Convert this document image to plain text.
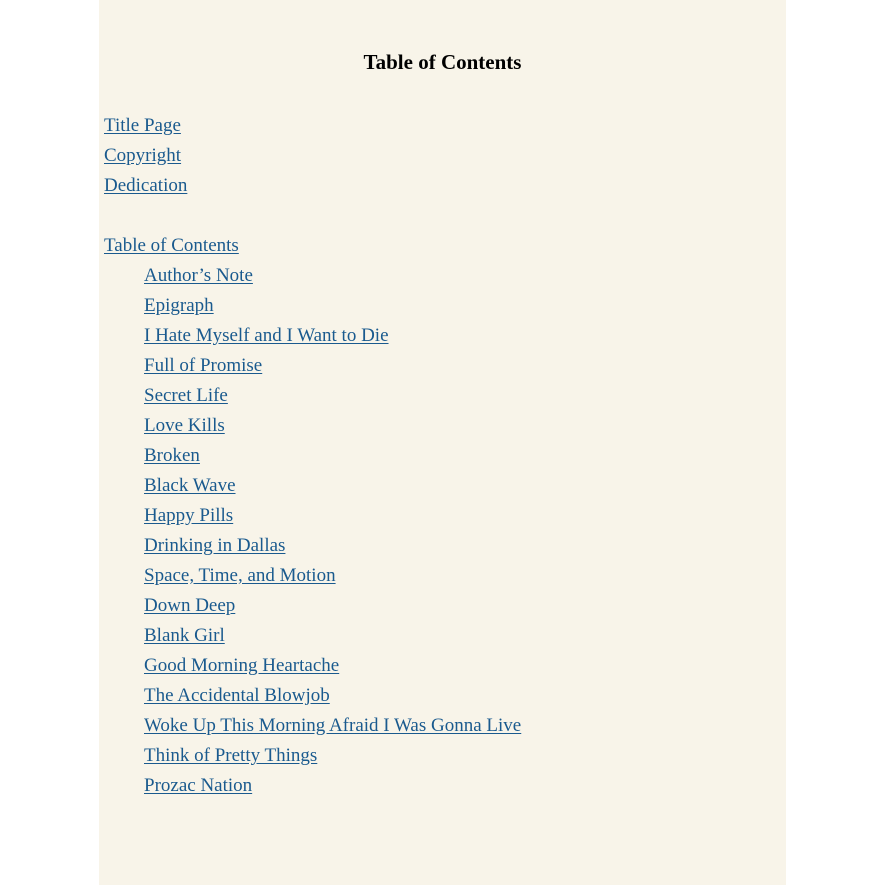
Table of Contents
Title Page
Copyright
Dedication
Table of Contents
Author’s Note
Epigraph
I Hate Myself and I Want to Die
Full of Promise
Secret Life
Love Kills
Broken
Black Wave
Happy Pills
Drinking in Dallas
Space, Time, and Motion
Down Deep
Blank Girl
Good Morning Heartache
The Accidental Blowjob
Woke Up This Morning Afraid I Was Gonna Live
Think of Pretty Things
Prozac Nation
